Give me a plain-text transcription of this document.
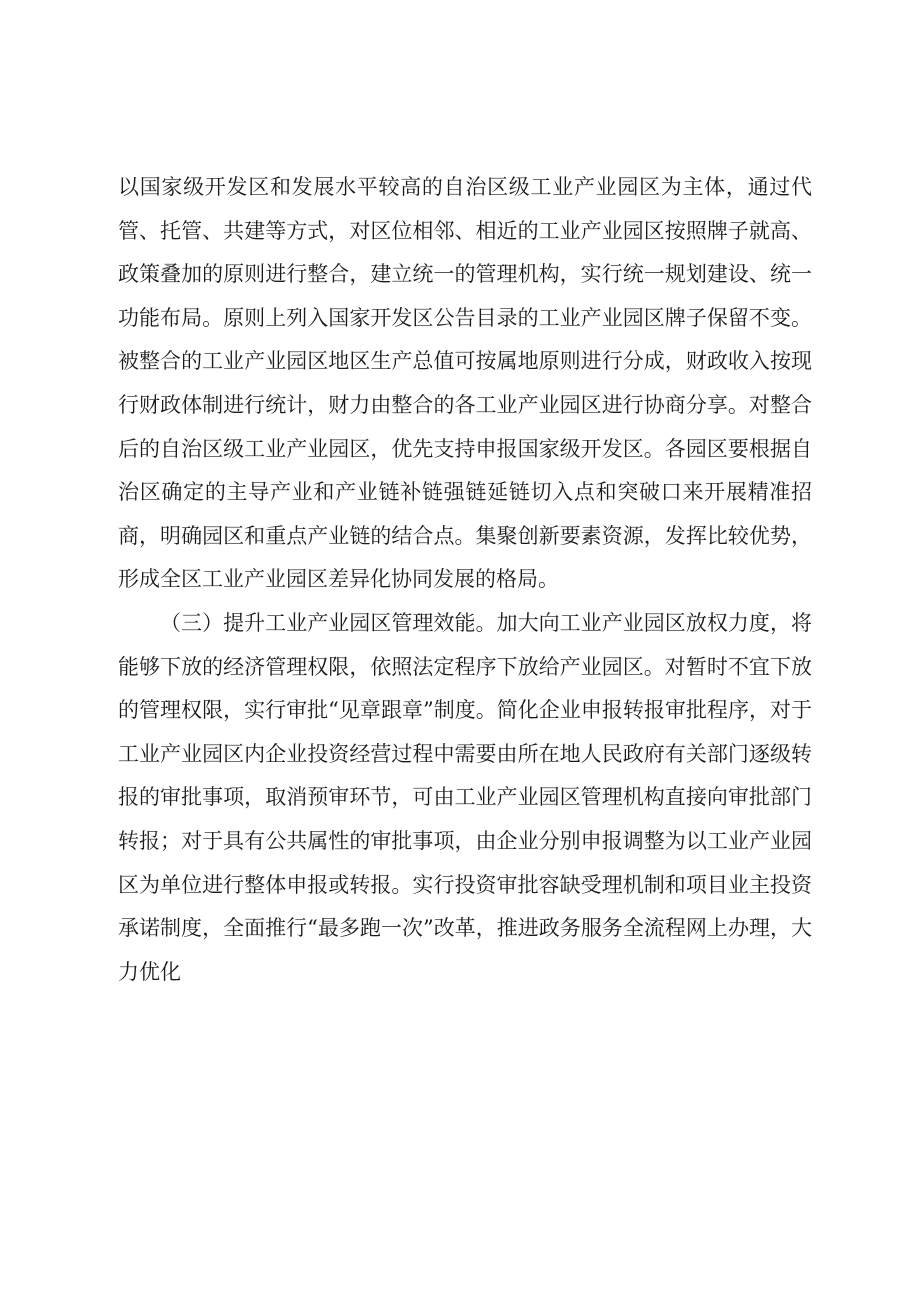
以国家级开发区和发展水平较高的自治区级工业产业园区为主体，通过代管、托管、共建等方式，对区位相邻、相近的工业产业园区按照牌子就高、政策叠加的原则进行整合，建立统一的管理机构，实行统一规划建设、统一功能布局。原则上列入国家开发区公告目录的工业产业园区牌子保留不变。被整合的工业产业园区地区生产总值可按属地原则进行分成，财政收入按现行财政体制进行统计，财力由整合的各工业产业园区进行协商分享。对整合后的自治区级工业产业园区，优先支持申报国家级开发区。各园区要根据自治区确定的主导产业和产业链补链强链延链切入点和突破口来开展精准招商，明确园区和重点产业链的结合点。集聚创新要素资源，发挥比较优势，形成全区工业产业园区差异化协同发展的格局。

（三）提升工业产业园区管理效能。加大向工业产业园区放权力度，将能够下放的经济管理权限，依照法定程序下放给产业园区。对暂时不宜下放的管理权限，实行审批“见章跟章”制度。简化企业申报转报审批程序，对于工业产业园区内企业投资经营过程中需要由所在地人民政府有关部门逐级转报的审批事项，取消预审环节，可由工业产业园区管理机构直接向审批部门转报；对于具有公共属性的审批事项，由企业分别申报调整为以工业产业园区为单位进行整体申报或转报。实行投资审批容缺受理机制和项目业主投资承诺制度，全面推行“最多跑一次”改革，推进政务服务全流程网上办理，大力优化
